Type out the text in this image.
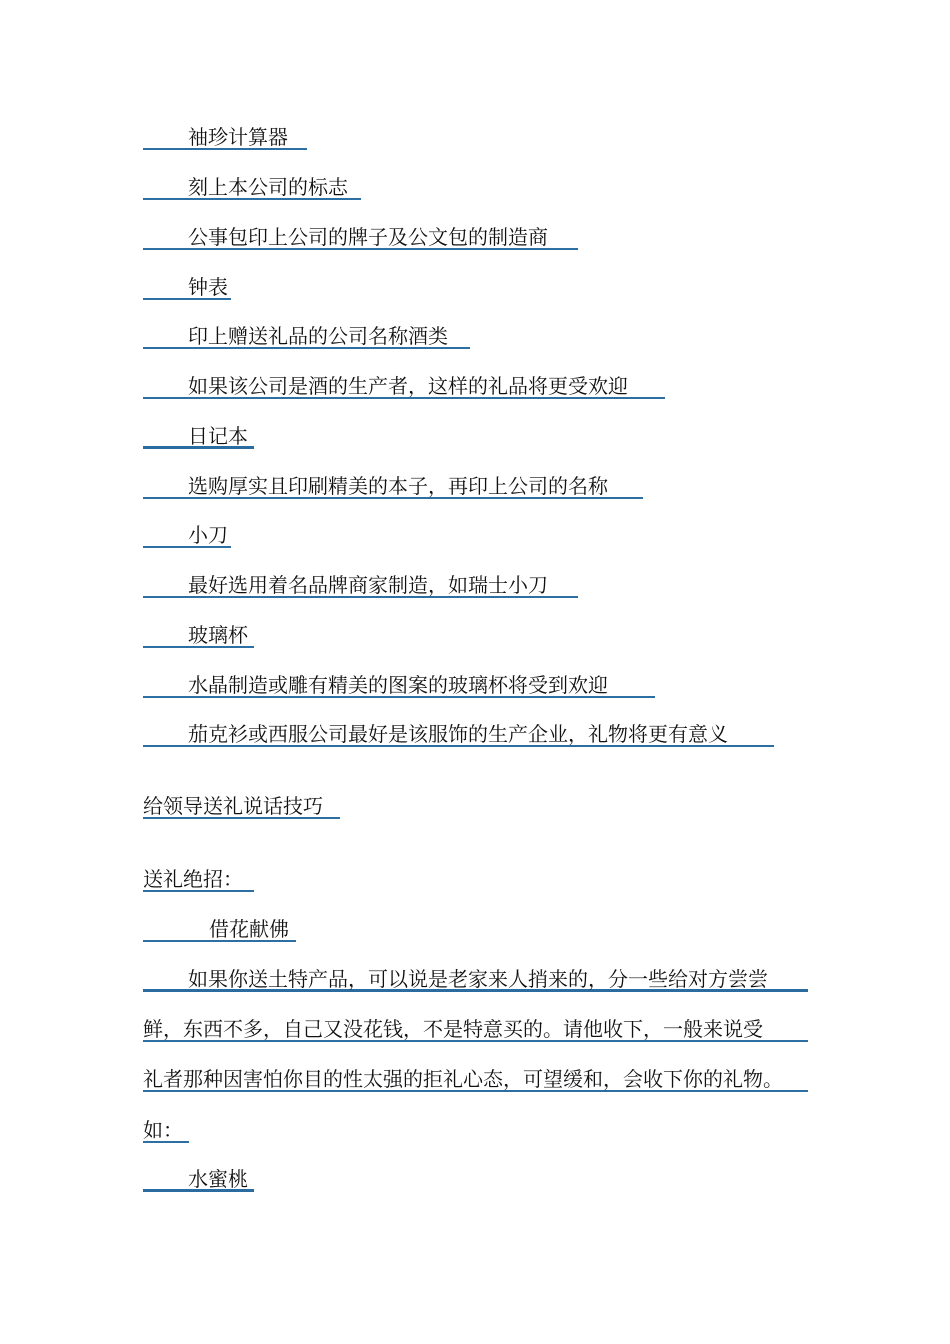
袖珍计算器
刻上本公司的标志
公事包印上公司的牌子及公文包的制造商
钟表
印上赠送礼品的公司名称酒类
如果该公司是酒的生产者，这样的礼品将更受欢迎
日记本
选购厚实且印刷精美的本子，再印上公司的名称
小刀
最好选用着名品牌商家制造，如瑞士小刀
玻璃杯
水晶制造或雕有精美的图案的玻璃杯将受到欢迎
茄克衫或西服公司最好是该服饰的生产企业，礼物将更有意义
给领导送礼说话技巧
送礼绝招：
借花献佛
如果你送土特产品，可以说是老家来人捎来的，分一些给对方尝尝
鲜，东西不多，自己又没花钱，不是特意买的。请他收下，一般来说受
礼者那种因害怕你目的性太强的拒礼心态，可望缓和，会收下你的礼物。
如：
水蜜桃
